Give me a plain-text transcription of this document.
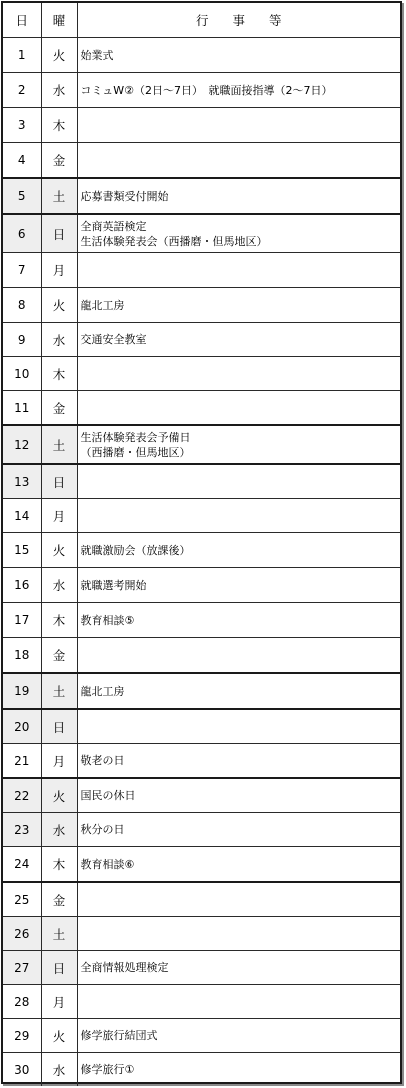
日	曜	行 事 等
1	火	始業式

2	水	コミュW②（2日～7日）　就職面接指導（2～7日）

3	木	
4	金	
5	土	応募書類受付開始

6	日	全商英語検定
生活体験発表会（西播磨・但馬地区）

7	月	
8	火	龍北工房

9	水	交通安全教室

10	木	
11	金	
12	土	生活体験発表会予備日
（西播磨・但馬地区）

13	日	
14	月	
15	火	就職激励会（放課後）

16	水	就職選考開始

17	木	教育相談⑤

18	金	
19	土	龍北工房

20	日	
21	月	敬老の日

22	火	国民の休日

23	水	秋分の日

24	木	教育相談⑥

25	金	
26	土	
27	日	全商情報処理検定

28	月	
29	火	修学旅行結団式

30	水	修学旅行①
